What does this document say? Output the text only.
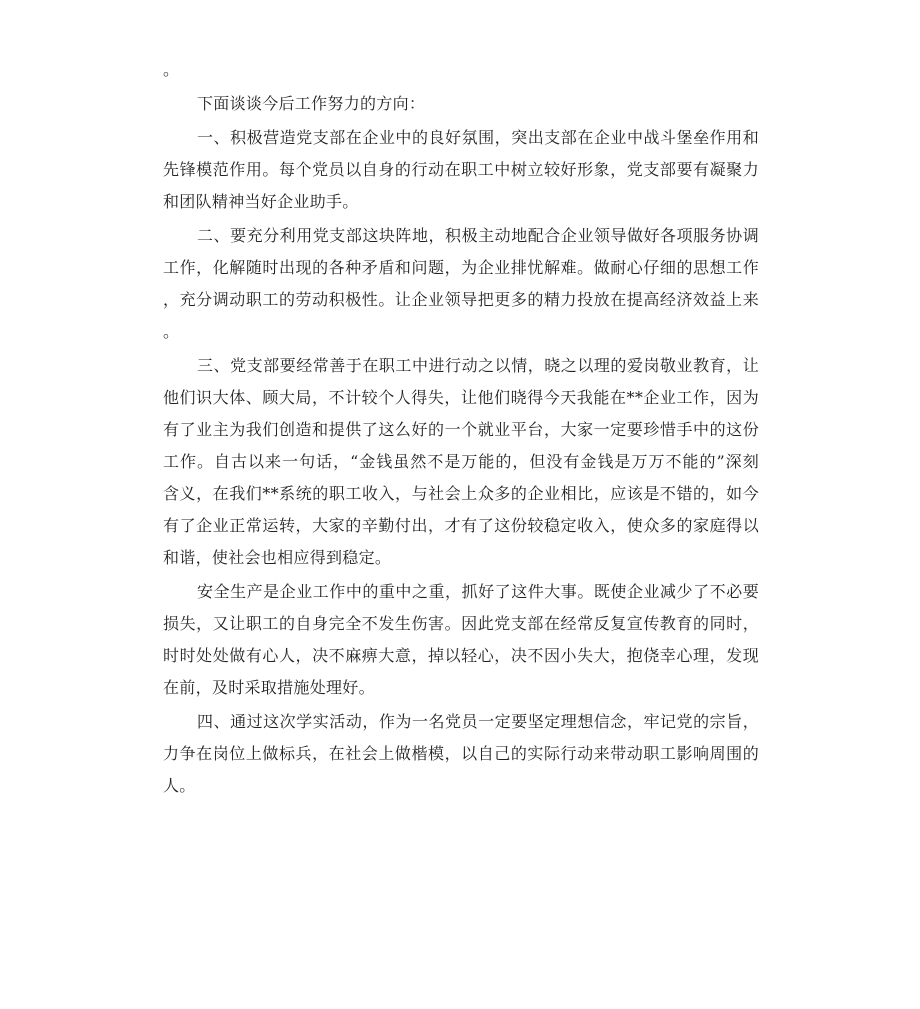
。
下面谈谈今后工作努力的方向：
一、积极营造党支部在企业中的良好氛围，突出支部在企业中战斗堡垒作用和
先锋模范作用。每个党员以自身的行动在职工中树立较好形象，党支部要有凝聚力
和团队精神当好企业助手。
二、要充分利用党支部这块阵地，积极主动地配合企业领导做好各项服务协调
工作，化解随时出现的各种矛盾和问题，为企业排忧解难。做耐心仔细的思想工作
，充分调动职工的劳动积极性。让企业领导把更多的精力投放在提高经济效益上来
。
三、党支部要经常善于在职工中进行动之以情，晓之以理的爱岗敬业教育，让
他们识大体、顾大局，不计较个人得失，让他们晓得今天我能在**企业工作，因为
有了业主为我们创造和提供了这么好的一个就业平台，大家一定要珍惜手中的这份
工作。自古以来一句话，“金钱虽然不是万能的，但没有金钱是万万不能的”深刻
含义，在我们**系统的职工收入，与社会上众多的企业相比，应该是不错的，如今
有了企业正常运转，大家的辛勤付出，才有了这份较稳定收入，使众多的家庭得以
和谐，使社会也相应得到稳定。
安全生产是企业工作中的重中之重，抓好了这件大事。既使企业减少了不必要
损失，又让职工的自身完全不发生伤害。因此党支部在经常反复宣传教育的同时，
时时处处做有心人，决不麻痹大意，掉以轻心，决不因小失大，抱侥幸心理，发现
在前，及时采取措施处理好。
四、通过这次学实活动，作为一名党员一定要坚定理想信念，牢记党的宗旨，
力争在岗位上做标兵，在社会上做楷模，以自己的实际行动来带动职工影响周围的
人。
